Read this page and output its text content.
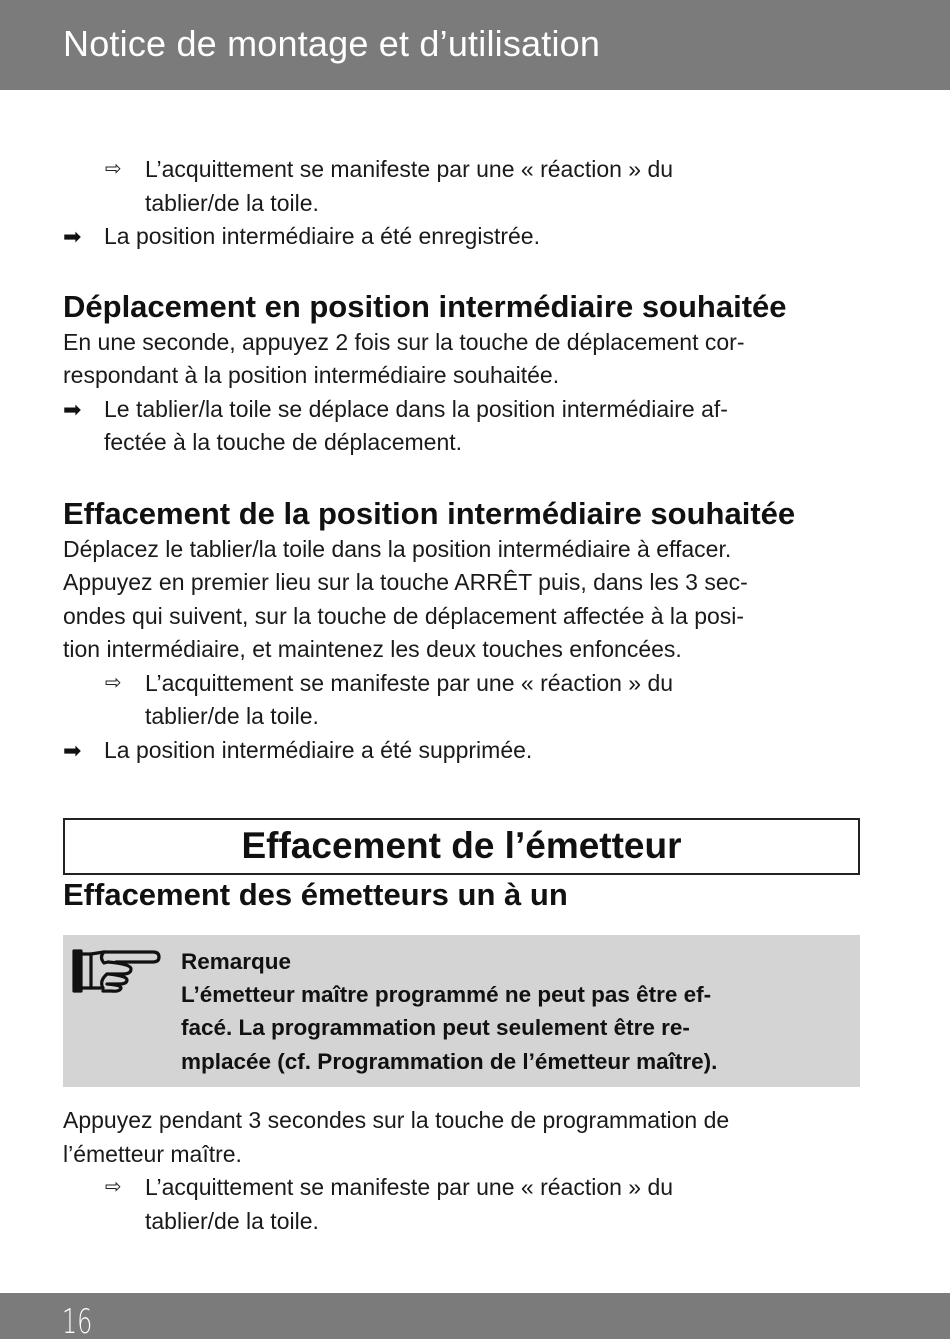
Notice de montage et d’utilisation
⇨	L’acquittement se manifeste par une « réaction » du
tablier/de la toile.
➡ La position intermédiaire a été enregistrée.
Déplacement en position intermédiaire souhaitée
En une seconde, appuyez 2 fois sur la touche de déplacement cor-
respondant à la position intermédiaire souhaitée.
➡ Le tablier/la toile se déplace dans la position intermédiaire af-
fectée à la touche de déplacement.
Effacement de la position intermédiaire souhaitée
Déplacez le tablier/la toile dans la position intermédiaire à effacer.
Appuyez en premier lieu sur la touche ARRÊT puis, dans les 3 sec-
ondes qui suivent, sur la touche de déplacement affectée à la posi-
tion intermédiaire, et maintenez les deux touches enfoncées.
⇨	L’acquittement se manifeste par une « réaction » du
tablier/de la toile.
➡ La position intermédiaire a été supprimée.
Effacement de l’émetteur
Effacement des émetteurs un à un
Remarque
L’émetteur maître programmé ne peut pas être ef-
facé. La programmation peut seulement être re-
mplacée (cf. Programmation de l’émetteur maître).
Appuyez pendant 3 secondes sur la touche de programmation de
l’émetteur maître.
⇨	L’acquittement se manifeste par une « réaction » du
tablier/de la toile.
16
